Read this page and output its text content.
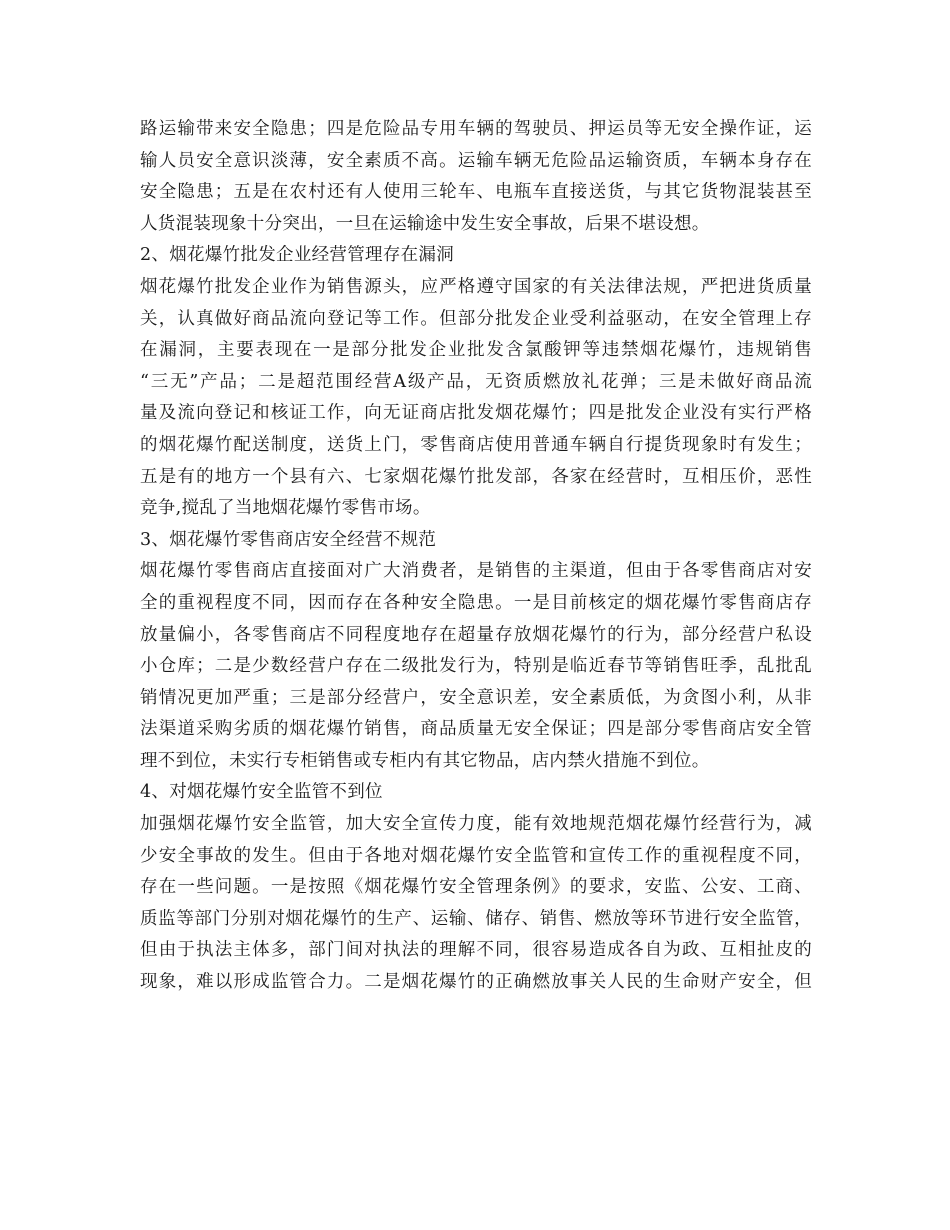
路运输带来安全隐患；四是危险品专用车辆的驾驶员、押运员等无安全操作证，运
输人员安全意识淡薄，安全素质不高。运输车辆无危险品运输资质，车辆本身存在
安全隐患；五是在农村还有人使用三轮车、电瓶车直接送货，与其它货物混装甚至
人货混装现象十分突出，一旦在运输途中发生安全事故，后果不堪设想。
2、烟花爆竹批发企业经营管理存在漏洞
烟花爆竹批发企业作为销售源头，应严格遵守国家的有关法律法规，严把进货质量
关，认真做好商品流向登记等工作。但部分批发企业受利益驱动，在安全管理上存
在漏洞，主要表现在一是部分批发企业批发含氯酸钾等违禁烟花爆竹，违规销售
“三无”产品；二是超范围经营A级产品，无资质燃放礼花弹；三是未做好商品流
量及流向登记和核证工作，向无证商店批发烟花爆竹；四是批发企业没有实行严格
的烟花爆竹配送制度，送货上门，零售商店使用普通车辆自行提货现象时有发生；
五是有的地方一个县有六、七家烟花爆竹批发部，各家在经营时，互相压价，恶性
竞争,搅乱了当地烟花爆竹零售市场。
3、烟花爆竹零售商店安全经营不规范
烟花爆竹零售商店直接面对广大消费者，是销售的主渠道，但由于各零售商店对安
全的重视程度不同，因而存在各种安全隐患。一是目前核定的烟花爆竹零售商店存
放量偏小，各零售商店不同程度地存在超量存放烟花爆竹的行为，部分经营户私设
小仓库；二是少数经营户存在二级批发行为，特别是临近春节等销售旺季，乱批乱
销情况更加严重；三是部分经营户，安全意识差，安全素质低，为贪图小利，从非
法渠道采购劣质的烟花爆竹销售，商品质量无安全保证；四是部分零售商店安全管
理不到位，未实行专柜销售或专柜内有其它物品，店内禁火措施不到位。
4、对烟花爆竹安全监管不到位
加强烟花爆竹安全监管，加大安全宣传力度，能有效地规范烟花爆竹经营行为，减
少安全事故的发生。但由于各地对烟花爆竹安全监管和宣传工作的重视程度不同，
存在一些问题。一是按照《烟花爆竹安全管理条例》的要求，安监、公安、工商、
质监等部门分别对烟花爆竹的生产、运输、储存、销售、燃放等环节进行安全监管，
但由于执法主体多，部门间对执法的理解不同，很容易造成各自为政、互相扯皮的
现象，难以形成监管合力。二是烟花爆竹的正确燃放事关人民的生命财产安全，但
